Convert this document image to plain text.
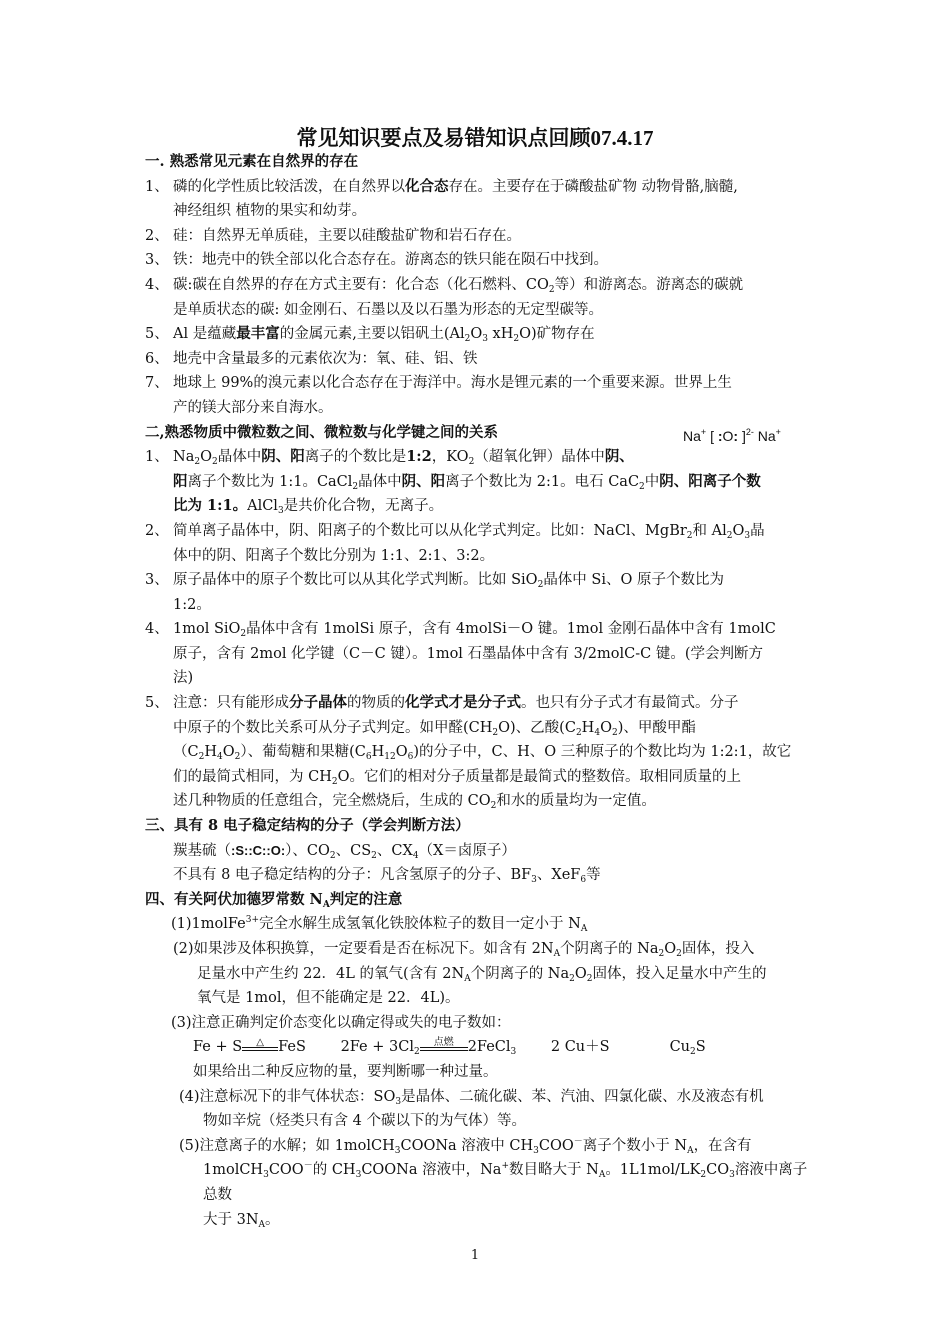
常见知识要点及易错知识点回顾07.4.17
Na+ [ :O: ]$^{2-}$ Na+
一. 熟悉常见元素在自然界的存在
1、 磷的化学性质比较活泼，在自然界以化合态存在。主要存在于磷酸盐矿物 动物骨骼,脑髓,
神经组织 植物的果实和幼芽。
2、 硅：自然界无单质硅，主要以硅酸盐矿物和岩石存在。
3、 铁：地壳中的铁全部以化合态存在。游离态的铁只能在陨石中找到。
4、 碳:碳在自然界的存在方式主要有：化合态（化石燃料、$CO_2$等）和游离态。游离态的碳就
是单质状态的碳: 如金刚石、石墨以及以石墨为形态的无定型碳等。
5、 Al 是蕴藏最丰富的金属元素,主要以铝矾土($Al_2O_3$ $xH_2O$)矿物存在
6、 地壳中含量最多的元素依次为：氧、硅、铝、铁
7、 地球上 99%的溴元素以化合态存在于海洋中。海水是锂元素的一个重要来源。世界上生
产的镁大部分来自海水。
二,熟悉物质中微粒数之间、微粒数与化学键之间的关系
1、 $Na_2O_2$晶体中阴、阳离子的个数比是1:2，$KO_2$（超氧化钾）晶体中阴、
阳离子个数比为 1:1。CaCl$_2$晶体中阴、阳离子个数比为 2:1。电石 CaC$_2$中阴、阳离子个数
比为 1:1。AlCl$_3$是共价化合物，无离子。
2、 简单离子晶体中，阴、阳离子的个数比可以从化学式判定。比如：NaCl、MgBr$_2$和 $Al_2O_3$晶
体中的阴、阳离子个数比分别为 1:1、2:1、3:2。
3、 原子晶体中的原子个数比可以从其化学式判断。比如 SiO$_2$晶体中 Si、O 原子个数比为
1:2。
4、 1mol SiO$_2$晶体中含有 1molSi 原子，含有 4molSi－O 键。1mol 金刚石晶体中含有 1molC
原子，含有 2mol 化学键（C－C 键）。1mol 石墨晶体中含有 3/2molC-C 键。(学会判断方
法)
5、 注意：只有能形成分子晶体的物质的化学式才是分子式。也只有分子式才有最简式。分子
中原子的个数比关系可从分子式判定。如甲醛$(CH_2O)$、乙酸$(C_2H_4O_2)$、甲酸甲酯
$(C_2H_4O_2)$、葡萄糖和果糖$(C_6H_{12}O_6)$的分子中，C、H、O 三种原子的个数比均为 1:2:1，故它
们的最简式相同，为 $CH_2O$。它们的相对分子质量都是最简式的整数倍。取相同质量的上
述几种物质的任意组合，完全燃烧后，生成的 $CO_2$和水的质量均为一定值。
三、具有 8 电子稳定结构的分子（学会判断方法）
羰基硫（:S::C::O:）、$CO_2$、$CS_2$、$CX_4(X=$卤原子）
不具有 8 电子稳定结构的分子：凡含氢原子的分子、$BF_3$、XeF$_6$等
四、有关阿伏加德罗常数 $N_A$判定的注意
(1)1molFe$^{3+}$完全水解生成氢氧化铁胶体粒子的数目一定小于 $N_A$
(2)如果涉及体积换算，一定要看是否在标况下。如含有 $2N_A$个阴离子的 $Na_2O_2$固体，投入
足量水中产生约 22．4L 的氧气(含有 $2N_A$个阴离子的 $Na_2O_2$固体，投入足量水中产生的
氧气是 1mol，但不能确定是 22．4L)。
(3)注意正确判定价态变化以确定得或失的电子数如：
Fe + S	△ FeS $2Fe + 3Cl_2$
点燃 2FeCl$_3$ 2 Cu＋S	$Cu_2S$
如果给出二种反应物的量，要判断哪一种过量。
(4)注意标况下的非气体状态：$SO_3$是晶体、二硫化碳、苯、汽油、四氯化碳、水及液态有机
物如辛烷（烃类只有含 4 个碳以下的为气体）等。
(5)注意离子的水解；如 1molCH$_3$COONa 溶液中 $CH_3COO^-$离子个数小于 $N_A$，在含有
1molCH$_3$COO－的 $CH_3COONa$ 溶液中，Na+数目略大于 $N_A$。$1L1mol/LK_2CO_3$溶液中离子总数
大于 $3N_A$。
1
